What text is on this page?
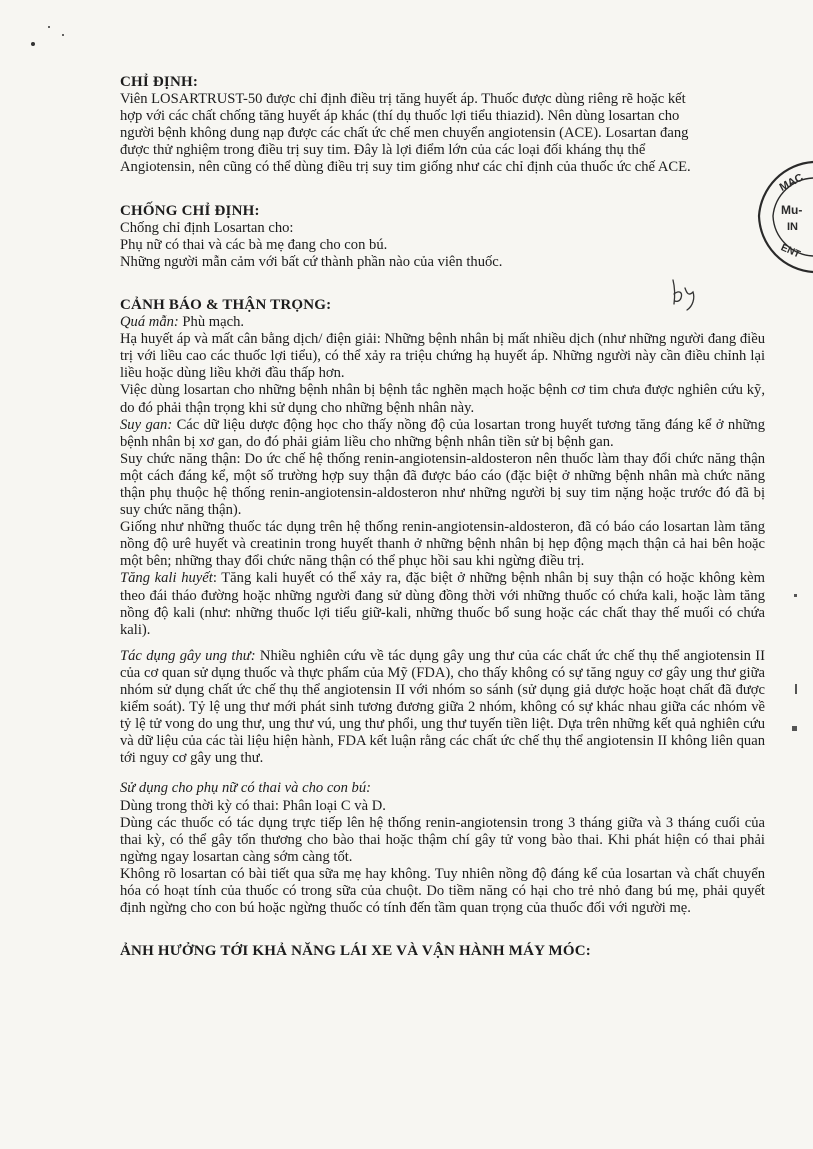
CHỈ ĐỊNH:

Viên LOSARTRUST-50 được chỉ định điều trị tăng huyết áp. Thuốc được dùng riêng rẽ hoặc kết

hợp với các chất chống tăng huyết áp khác (thí dụ thuốc lợi tiểu thiazid). Nên dùng losartan cho

người bệnh không dung nạp được các chất ức chế men chuyển angiotensin (ACE). Losartan đang

được thử nghiệm trong điều trị suy tim. Đây là lợi điểm lớn của các loại đối kháng thụ thể

Angiotensin, nên cũng có thể dùng điều trị suy tim giống như các chỉ định của thuốc ức chế ACE.

CHỐNG CHỈ ĐỊNH:

Chống chỉ định Losartan cho:

Phụ nữ có thai và các bà mẹ đang cho con bú.

Những người mẫn cảm với bất cứ thành phần nào của viên thuốc.

CẢNH BÁO & THẬN TRỌNG:

Quá mẫn: Phù mạch.

Hạ huyết áp và mất cân bằng dịch/ điện giải: Những bệnh nhân bị mất nhiều dịch (như những người đang điều trị với liều cao các thuốc lợi tiểu), có thể xảy ra triệu chứng hạ huyết áp. Những người này cần điều chỉnh lại liều hoặc dùng liều khởi đầu thấp hơn.

Việc dùng losartan cho những bệnh nhân bị bệnh tắc nghẽn mạch hoặc bệnh cơ tim chưa được nghiên cứu kỹ, do đó phải thận trọng khi sử dụng cho những bệnh nhân này.

Suy gan: Các dữ liệu dược động học cho thấy nồng độ của losartan trong huyết tương tăng đáng kể ở những bệnh nhân bị xơ gan, do đó phải giảm liều cho những bệnh nhân tiền sử bị bệnh gan.

Suy chức năng thận: Do ức chế hệ thống renin-angiotensin-aldosteron nên thuốc làm thay đổi chức năng thận một cách đáng kể, một số trường hợp suy thận đã được báo cáo (đặc biệt ở những bệnh nhân mà chức năng thận phụ thuộc hệ thống renin-angiotensin-aldosteron như những người bị suy tim nặng hoặc trước đó đã bị suy chức năng thận).

Giống như những thuốc tác dụng trên hệ thống renin-angiotensin-aldosteron, đã có báo cáo losartan làm tăng nồng độ urê huyết và creatinin trong huyết thanh ở những bệnh nhân bị hẹp động mạch thận cả hai bên hoặc một bên; những thay đổi chức năng thận có thể phục hồi sau khi ngừng điều trị.

Tăng kali huyết: Tăng kali huyết có thể xảy ra, đặc biệt ở những bệnh nhân bị suy thận có hoặc không kèm theo đái tháo đường hoặc những người đang sử dùng đồng thời với những thuốc có chứa kali, hoặc làm tăng nồng độ kali (như: những thuốc lợi tiểu giữ-kali, những thuốc bổ sung hoặc các chất thay thế muối có chứa kali).

Tác dụng gây ung thư: Nhiều nghiên cứu về tác dụng gây ung thư của các chất ức chế thụ thể angiotensin II của cơ quan sử dụng thuốc và thực phẩm của Mỹ (FDA), cho thấy không có sự tăng nguy cơ gây ung thư giữa nhóm sử dụng chất ức chế thụ thể angiotensin II với nhóm so sánh (sử dụng giả dược hoặc hoạt chất đã được kiểm soát). Tỷ lệ ung thư mới phát sinh tương đương giữa 2 nhóm, không có sự khác nhau giữa các nhóm về tỷ lệ tử vong do ung thư, ung thư vú, ung thư phổi, ung thư tuyến tiền liệt. Dựa trên những kết quả nghiên cứu và dữ liệu của các tài liệu hiện hành, FDA kết luận rằng các chất ức chế thụ thể angiotensin II không liên quan tới nguy cơ gây ung thư.

Sử dụng cho phụ nữ có thai và cho con bú:

Dùng trong thời kỳ có thai: Phân loại C và D.

Dùng các thuốc có tác dụng trực tiếp lên hệ thống renin-angiotensin trong 3 tháng giữa và 3 tháng cuối của thai kỳ, có thể gây tổn thương cho bào thai hoặc thậm chí gây tử vong bào thai. Khi phát hiện có thai phải ngừng ngay losartan càng sớm càng tốt.

Không rõ losartan có bài tiết qua sữa mẹ hay không. Tuy nhiên nồng độ đáng kể của losartan và chất chuyển hóa có hoạt tính của thuốc có trong sữa của chuột. Do tiềm năng có hại cho trẻ nhỏ đang bú mẹ, phải quyết định ngừng cho con bú hoặc ngừng thuốc có tính đến tầm quan trọng của thuốc đối với người mẹ.

ẢNH HƯỞNG TỚI KHẢ NĂNG LÁI XE VÀ VẬN HÀNH MÁY MÓC:

MAC
Mu-
IN
ENT
